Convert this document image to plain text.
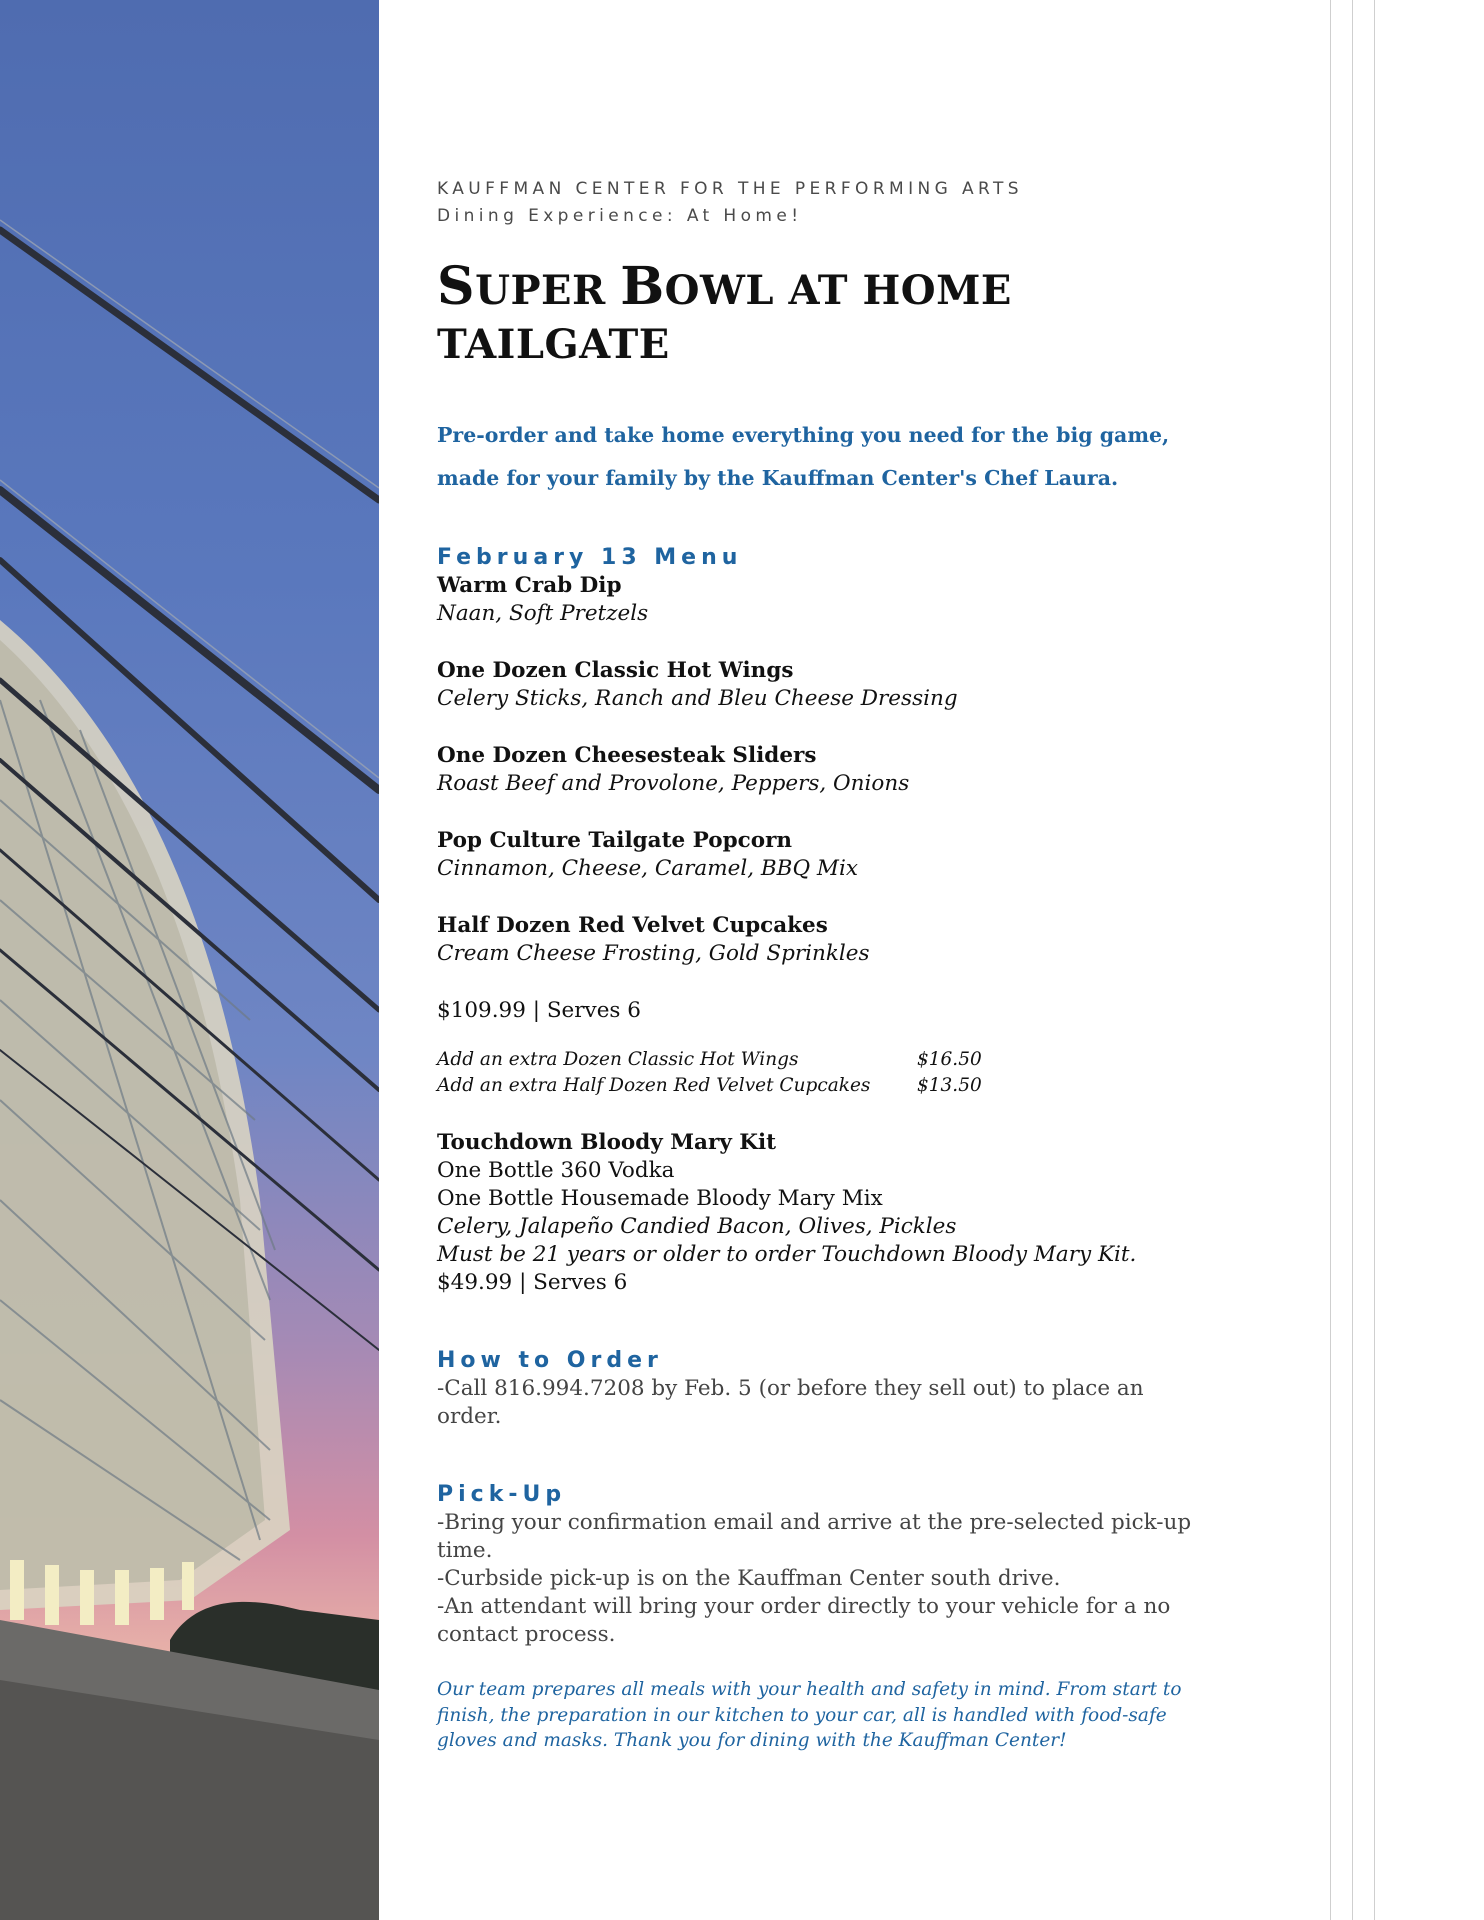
KAUFFMAN CENTER FOR THE PERFORMING ARTS

Dining Experience: At Home!

SUPER BOWL AT HOME TAILGATE
Pre-order and take home everything you need for the big game,
made for your family by the Kauffman Center's Chef Laura.

February 13 Menu

Warm Crab Dip

Naan, Soft Pretzels

One Dozen Classic Hot Wings

Celery Sticks, Ranch and Bleu Cheese Dressing

One Dozen Cheesesteak Sliders

Roast Beef and Provolone, Peppers, Onions

Pop Culture Tailgate Popcorn

Cinnamon, Cheese, Caramel, BBQ Mix

Half Dozen Red Velvet Cupcakes

Cream Cheese Frosting, Gold Sprinkles

$109.99 | Serves 6

Add an extra Dozen Classic Hot Wings	$16.50
Add an extra Half Dozen Red Velvet Cupcakes	$13.50

Touchdown Bloody Mary Kit

One Bottle 360 Vodka

One Bottle Housemade Bloody Mary Mix

Celery, Jalapeño Candied Bacon, Olives, Pickles

Must be 21 years or older to order Touchdown Bloody Mary Kit.

$49.99 | Serves 6

How to Order

-Call 816.994.7208 by Feb. 5 (or before they sell out) to place an order.

Pick-Up

-Bring your confirmation email and arrive at the pre-selected pick-up

time.

-Curbside pick-up is on the Kauffman Center south drive.

-An attendant will bring your order directly to your vehicle for a no

contact process.

Our team prepares all meals with your health and safety in mind. From start to

finish, the preparation in our kitchen to your car, all is handled with food-safe

gloves and masks. Thank you for dining with the Kauffman Center!
